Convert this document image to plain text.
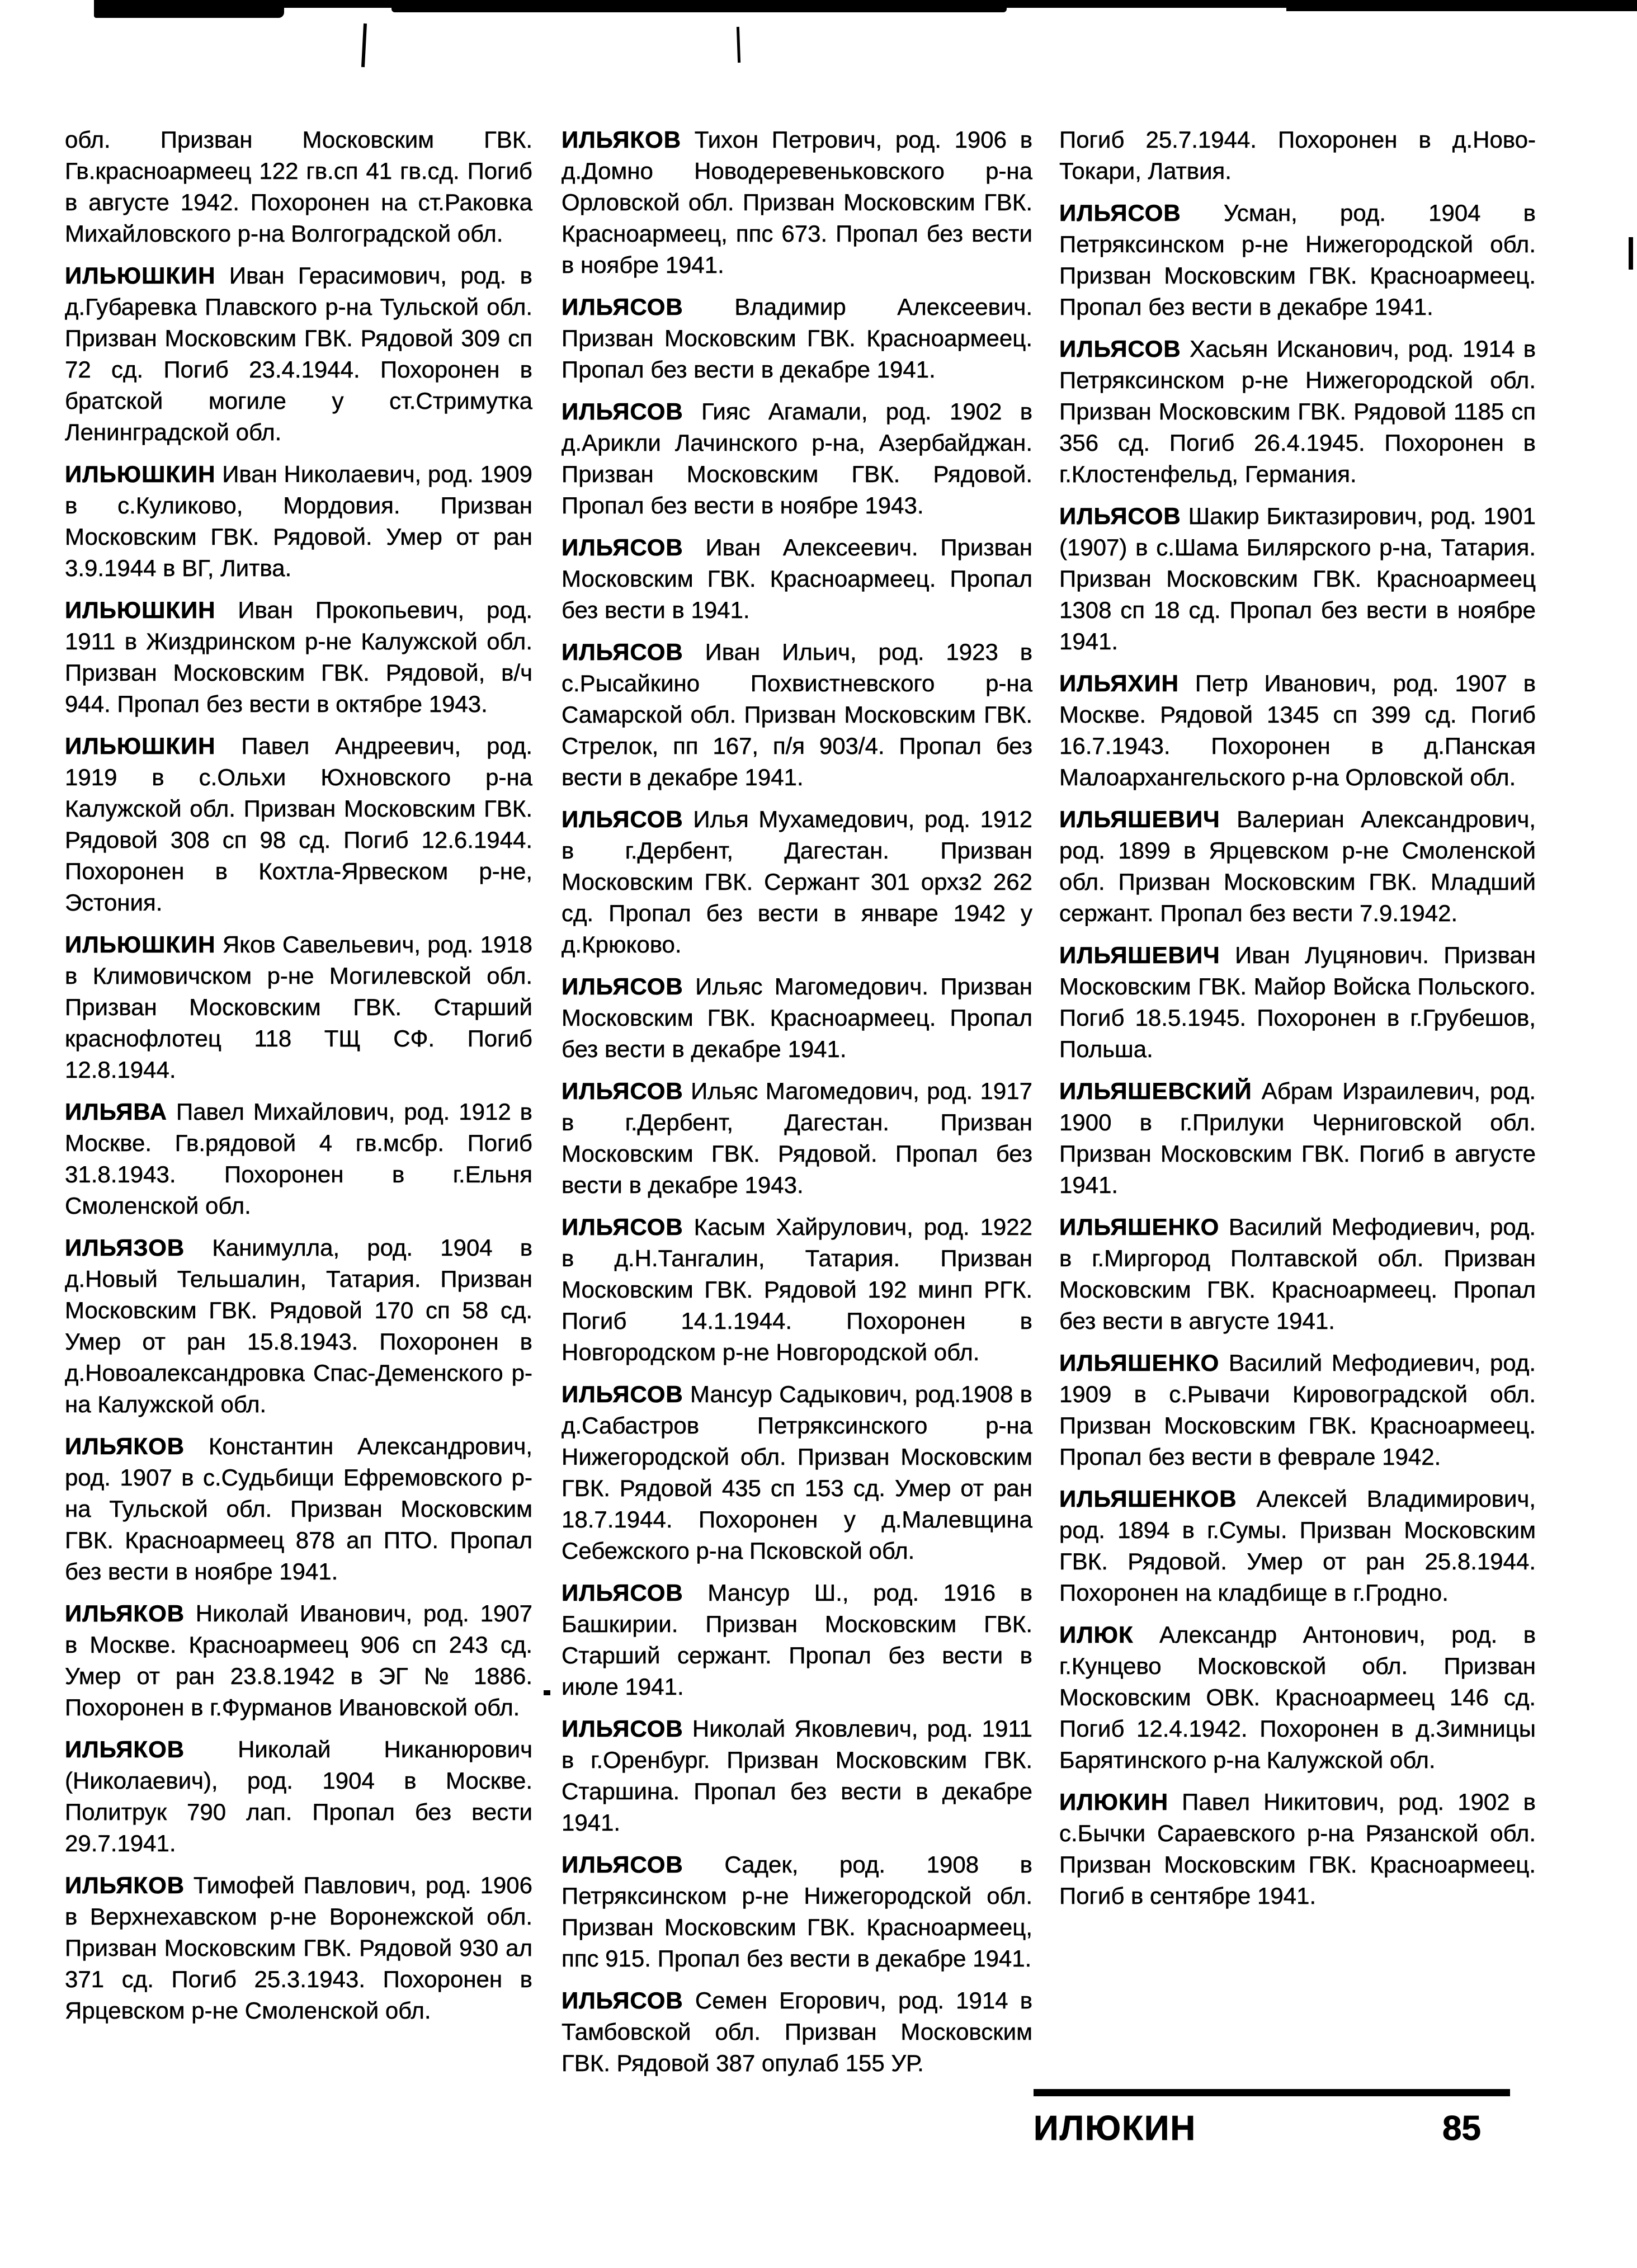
обл. Призван Московским ГВК. Гв.красноармеец 122 гв.сп 41 гв.сд. Погиб в августе 1942. Похоронен на ст.Раковка Михайловского р-на Волгоградской обл.

ИЛЬЮШКИН Иван Герасимович, род. в д.Губаревка Плавского р-на Тульской обл. Призван Московским ГВК. Рядовой 309 сп 72 сд. Погиб 23.4.1944. Похоронен в братской могиле у ст.Стримутка Ленинградской обл.

ИЛЬЮШКИН Иван Николаевич, род. 1909 в с.Куликово, Мордовия. Призван Московским ГВК. Рядовой. Умер от ран 3.9.1944 в ВГ, Литва.

ИЛЬЮШКИН Иван Прокопьевич, род. 1911 в Жиздринском р-не Калужской обл. Призван Московским ГВК. Рядовой, в/ч 944. Пропал без вести в октябре 1943.

ИЛЬЮШКИН Павел Андреевич, род. 1919 в с.Ольхи Юхновского р-на Калужской обл. Призван Московским ГВК. Рядовой 308 сп 98 сд. Погиб 12.6.1944. Похоронен в Кохтла-Ярвеском р-не, Эстония.

ИЛЬЮШКИН Яков Савельевич, род. 1918 в Климовичском р-не Могилевской обл. Призван Московским ГВК. Старший краснофлотец 118 ТЩ СФ. Погиб 12.8.1944.

ИЛЬЯВА Павел Михайлович, род. 1912 в Москве. Гв.рядовой 4 гв.мсбр. Погиб 31.8.1943. Похоронен в г.Ельня Смоленской обл.

ИЛЬЯЗОВ Канимулла, род. 1904 в д.Новый Тельшалин, Татария. Призван Московским ГВК. Рядовой 170 сп 58 сд. Умер от ран 15.8.1943. Похоронен в д.Новоалександровка Спас-Деменского р-на Калужской обл.

ИЛЬЯКОВ Константин Александрович, род. 1907 в с.Судьбищи Ефремовского р-на Тульской обл. Призван Московским ГВК. Красноармеец 878 ап ПТО. Пропал без вести в ноябре 1941.

ИЛЬЯКОВ Николай Иванович, род. 1907 в Москве. Красноармеец 906 сп 243 сд. Умер от ран 23.8.1942 в ЭГ № 1886. Похоронен в г.Фурманов Ивановской обл.

ИЛЬЯКОВ Николай Никанюрович (Николаевич), род. 1904 в Москве. Политрук 790 лап. Пропал без вести 29.7.1941.

ИЛЬЯКОВ Тимофей Павлович, род. 1906 в Верхнехавском р-не Воронежской обл. Призван Московским ГВК. Рядовой 930 ал 371 сд. Погиб 25.3.1943. Похоронен в Ярцевском р-не Смоленской обл.

ИЛЬЯКОВ Тихон Петрович, род. 1906 в д.Домно Новодеревеньковского р-на Орловской обл. Призван Московским ГВК. Красноармеец, ппс 673. Пропал без вести в ноябре 1941.

ИЛЬЯСОВ Владимир Алексеевич. Призван Московским ГВК. Красноармеец. Пропал без вести в декабре 1941.

ИЛЬЯСОВ Гияс Агамали, род. 1902 в д.Арикли Лачинского р-на, Азербайджан. Призван Московским ГВК. Рядовой. Пропал без вести в ноябре 1943.

ИЛЬЯСОВ Иван Алексеевич. Призван Московским ГВК. Красноармеец. Пропал без вести в 1941.

ИЛЬЯСОВ Иван Ильич, род. 1923 в с.Рысайкино Похвистневского р-на Самарской обл. Призван Московским ГВК. Стрелок, пп 167, п/я 903/4. Пропал без вести в декабре 1941.

ИЛЬЯСОВ Илья Мухамедович, род. 1912 в г.Дербент, Дагестан. Призван Московским ГВК. Сержант 301 орхз2 262 сд. Пропал без вести в январе 1942 у д.Крюково.

ИЛЬЯСОВ Ильяс Магомедович. Призван Московским ГВК. Красноармеец. Пропал без вести в декабре 1941.

ИЛЬЯСОВ Ильяс Магомедович, род. 1917 в г.Дербент, Дагестан. Призван Московским ГВК. Рядовой. Пропал без вести в декабре 1943.

ИЛЬЯСОВ Касым Хайрулович, род. 1922 в д.Н.Тангалин, Татария. Призван Московским ГВК. Рядовой 192 минп РГК. Погиб 14.1.1944. Похоронен в Новгородском р-не Новгородской обл.

ИЛЬЯСОВ Мансур Садыкович, род.1908 в д.Сабастров Петряксинского р-на Нижегородской обл. Призван Московским ГВК. Рядовой 435 сп 153 сд. Умер от ран 18.7.1944. Похоронен у д.Малевщина Себежского р-на Псковской обл.

ИЛЬЯСОВ Мансур Ш., род. 1916 в Башкирии. Призван Московским ГВК. Старший сержант. Пропал без вести в июле 1941.

ИЛЬЯСОВ Николай Яковлевич, род. 1911 в г.Оренбург. Призван Московским ГВК. Старшина. Пропал без вести в декабре 1941.

ИЛЬЯСОВ Садек, род. 1908 в Петряксинском р-не Нижегородской обл. Призван Московским ГВК. Красноармеец, ппс 915. Пропал без вести в декабре 1941.

ИЛЬЯСОВ Семен Егорович, род. 1914 в Тамбовской обл. Призван Московским ГВК. Рядовой 387 опулаб 155 УР.

Погиб 25.7.1944. Похоронен в д.Ново-Токари, Латвия.

ИЛЬЯСОВ Усман, род. 1904 в Петряксинском р-не Нижегородской обл. Призван Московским ГВК. Красноармеец. Пропал без вести в декабре 1941.

ИЛЬЯСОВ Хасьян Исканович, род. 1914 в Петряксинском р-не Нижегородской обл. Призван Московским ГВК. Рядовой 1185 сп 356 сд. Погиб 26.4.1945. Похоронен в г.Клостенфельд, Германия.

ИЛЬЯСОВ Шакир Биктазирович, род. 1901 (1907) в с.Шама Билярского р-на, Татария. Призван Московским ГВК. Красноармеец 1308 сп 18 сд. Пропал без вести в ноябре 1941.

ИЛЬЯХИН Петр Иванович, род. 1907 в Москве. Рядовой 1345 сп 399 сд. Погиб 16.7.1943. Похоронен в д.Панская Малоархангельского р-на Орловской обл.

ИЛЬЯШЕВИЧ Валериан Александрович, род. 1899 в Ярцевском р-не Смоленской обл. Призван Московским ГВК. Младший сержант. Пропал без вести 7.9.1942.

ИЛЬЯШЕВИЧ Иван Луцянович. Призван Московским ГВК. Майор Войска Польского. Погиб 18.5.1945. Похоронен в г.Грубешов, Польша.

ИЛЬЯШЕВСКИЙ Абрам Израилевич, род. 1900 в г.Прилуки Черниговской обл. Призван Московским ГВК. Погиб в августе 1941.

ИЛЬЯШЕНКО Василий Мефодиевич, род. в г.Миргород Полтавской обл. Призван Московским ГВК. Красноармеец. Пропал без вести в августе 1941.

ИЛЬЯШЕНКО Василий Мефодиевич, род. 1909 в с.Рывачи Кировоградской обл. Призван Московским ГВК. Красноармеец. Пропал без вести в феврале 1942.

ИЛЬЯШЕНКОВ Алексей Владимирович, род. 1894 в г.Сумы. Призван Московским ГВК. Рядовой. Умер от ран 25.8.1944. Похоронен на кладбище в г.Гродно.

ИЛЮК Александр Антонович, род. в г.Кунцево Московской обл. Призван Московским ОВК. Красноармеец 146 сд. Погиб 12.4.1942. Похоронен в д.Зимницы Барятинского р-на Калужской обл.

ИЛЮКИН Павел Никитович, род. 1902 в с.Бычки Сараевского р-на Рязанской обл. Призван Московским ГВК. Красноармеец. Погиб в сентябре 1941.

ИЛЮКИН	85
